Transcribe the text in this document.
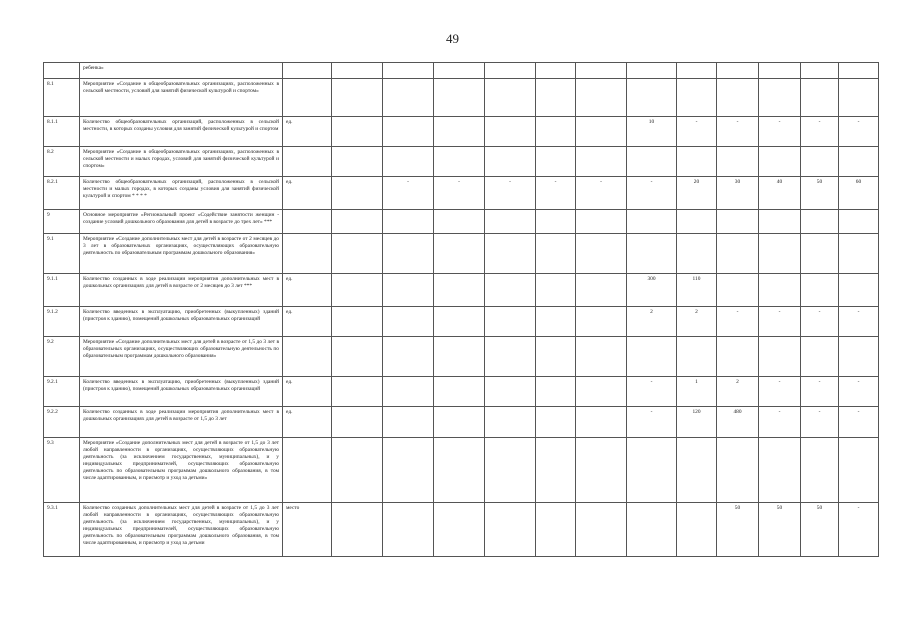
49
	ребенка»													
8.1	Мероприятие «Создание в общеобразовательных организациях, расположенных в сельской местности, условий для занятий физической культурой и спортом»													
8.1.1	Количество общеобразовательных организаций, расположенных в сельской местности, в которых созданы условия для занятий физической культурой и спортом	ед.							10	-	-	-	-	-
8.2	Мероприятие «Создание в общеобразовательных организациях, расположенных в сельской местности и малых городах, условий для занятий физической культурой и спортом»													
8.2.1	Количество общеобразовательных организаций, расположенных в сельской местности и малых городах, в которых созданы условия для занятий физической культурой и спортом * * * *	ед.		-	-	-	-	-	-	20	30	40	50	60
9	Основное мероприятие «Региональный проект «Содействие занятости женщин - создание условий дошкольного образования для детей в возрасте до трех лет» ***													
9.1	Мероприятие «Создание дополнительных мест для детей в возрасте от 2 месяцев до 3 лет в образовательных организациях, осуществляющих образовательную деятельность по образовательным программам дошкольного образования»													
9.1.1	Количество созданных в ходе реализации мероприятия дополнительных мест в дошкольных организациях для детей в возрасте от 2 месяцев до 3 лет ***	ед.							300	110				
9.1.2	Количество введенных в эксплуатацию, приобретенных (выкупленных) зданий (пристроя к зданию), помещений дошкольных образовательных организаций	ед.							2	2	-	-	-	-
9.2	Мероприятие «Создание дополнительных мест для детей в возрасте от 1,5 до 3 лет в образовательных организациях, осуществляющих образовательную деятельность по образовательным программам дошкольного образования»													
9.2.1	Количество введенных в эксплуатацию, приобретенных (выкупленных) зданий (пристроя к зданию), помещений дошкольных образовательных организаций	ед.							-	1	2	-	-	-
9.2.2	Количество созданных в ходе реализации мероприятия дополнительных мест в дошкольных организациях для детей в возрасте от 1,5 до 3 лет	ед.							-	120	480	-	-	-
9.3	Мероприятие «Создание дополнительных мест для детей в возрасте от 1,5 до 3 лет любой направленности в организациях, осуществляющих образовательную деятельность (за исключением государственных, муниципальных), и у индивидуальных предпринимателей, осуществляющих образовательную деятельность по образовательным программам дошкольного образования, в том числе адаптированным, и присмотр и уход за детьми»													
9.3.1	Количество созданных дополнительных мест для детей в возрасте от 1,5 до 3 лет любой направленности в организациях, осуществляющих образовательную деятельность (за исключением государственных, муниципальных), и у индивидуальных предпринимателей, осуществляющих образовательную деятельность по образовательным программам дошкольного образования, в том числе адаптированным, и присмотр и уход за детьми	место									50	50	50	-
